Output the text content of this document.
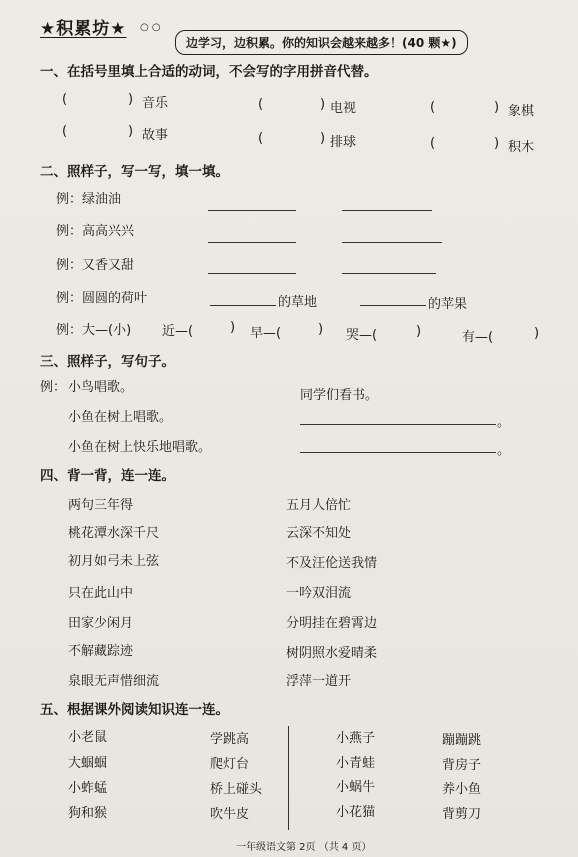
★积累坊★ ○ ○
边学习，边积累。你的知识会越来越多！(40 颗★)
一、在括号里填上合适的动词，不会写的字用拼音代替。
(	) 音乐	(	) 电视	(	) 象棋
(	) 故事	(	) 排球	(	) 积木
二、照样子，写一写，填一填。
例：绿油油
例：高高兴兴
例：又香又甜
例：圆圆的荷叶	的草地	的苹果
例：大—(小) 近—(	) 早—(	) 哭—(	)	有—(	)
三、照样子，写句子。
例： 小鸟唱歌。
小鱼在树上唱歌。
小鱼在树上快乐地唱歌。
同学们看书。
。
。
四、背一背，连一连。
两句三年得
桃花潭水深千尺
初月如弓未上弦
只在此山中
田家少闲月
不解藏踪迹
泉眼无声惜细流
五月人倍忙
云深不知处
不及汪伦送我情
一吟双泪流
分明挂在碧霄边
树阴照水爱晴柔
浮萍一道开
五、根据课外阅读知识连一连。
小老鼠
大蝈蝈
小蚱蜢
狗和猴
学跳高
爬灯台
桥上碰头
吹牛皮
小燕子
小青蛙
小蜗牛
小花猫
蹦蹦跳
背房子
养小鱼
背剪刀
一年级语文第 2页 （共 4 页）
